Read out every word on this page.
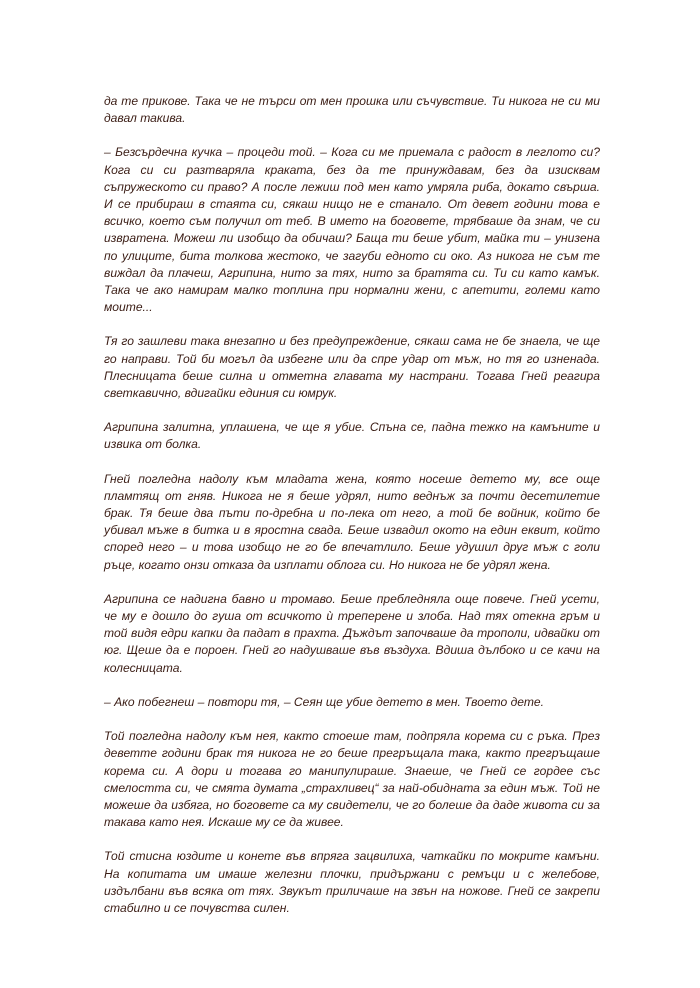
да те прикове. Така че не търси от мен прошка или съчувствие. Ти никога не си ми давал такива.

– Безсърдечна кучка – процеди той. – Кога си ме приемала с радост в леглото си? Кога си си разтваряла краката, без да те принуждавам, без да изисквам съпружеското си право? А после лежиш под мен като умряла риба, докато свърша. И се прибираш в стаята си, сякаш нищо не е станало. От девет години това е всичко, което съм получил от теб. В името на боговете, трябваше да знам, че си извратена. Можеш ли изобщо да обичаш? Баща ти беше убит, майка ти – унизена по улиците, бита толкова жестоко, че загуби едното си око. Аз никога не съм те виждал да плачеш, Агрипина, нито за тях, нито за братята си. Ти си като камък. Така че ако намирам малко топлина при нормални жени, с апетити, големи като моите...

Тя го зашлеви така внезапно и без предупреждение, сякаш сама не бе знаела, че ще го направи. Той би могъл да избегне или да спре удар от мъж, но тя го изненада. Плесницата беше силна и отметна главата му настрани. Тогава Гней реагира светкавично, вдигайки единия си юмрук.

Агрипина залитна, уплашена, че ще я убие. Спъна се, падна тежко на камъните и извика от болка.

Гней погледна надолу към младата жена, която носеше детето му, все още пламтящ от гняв. Никога не я беше удрял, нито веднъж за почти десетилетие брак. Тя беше два пъти по-дребна и по-лека от него, а той бе войник, който бе убивал мъже в битка и в яростна свада. Беше извадил окото на един еквит, който според него – и това изобщо не го бе впечатлило. Беше удушил друг мъж с голи ръце, когато онзи отказа да изплати облога си. Но никога не бе удрял жена.

Агрипина се надигна бавно и тромаво. Беше пребледняла още повече. Гней усети, че му е дошло до гуша от всичкото ѝ треперене и злоба. Над тях отекна гръм и той видя едри капки да падат в прахта. Дъждът започваше да трополи, идвайки от юг. Щеше да е пороен. Гней го надушваше във въздуха. Вдиша дълбоко и се качи на колесницата.

– Ако побегнеш – повтори тя, – Сеян ще убие детето в мен. Твоето дете.

Той погледна надолу към нея, както стоеше там, подпряла корема си с ръка. През деветте години брак тя никога не го беше прегръщала така, както прегръщаше корема си. А дори и тогава го манипулираше. Знаеше, че Гней се гордее със смелостта си, че смята думата „страхливец“ за най-обидната за един мъж. Той не можеше да избяга, но боговете са му свидетели, че го болеше да даде живота си за такава като нея. Искаше му се да живее.

Той стисна юздите и конете във впряга зацвилиха, чаткайки по мокрите камъни. На копитата им имаше железни плочки, придържани с ремъци и с желебове, издълбани във всяка от тях. Звукът приличаше на звън на ножове. Гней се закрепи стабилно и се почувства силен.
